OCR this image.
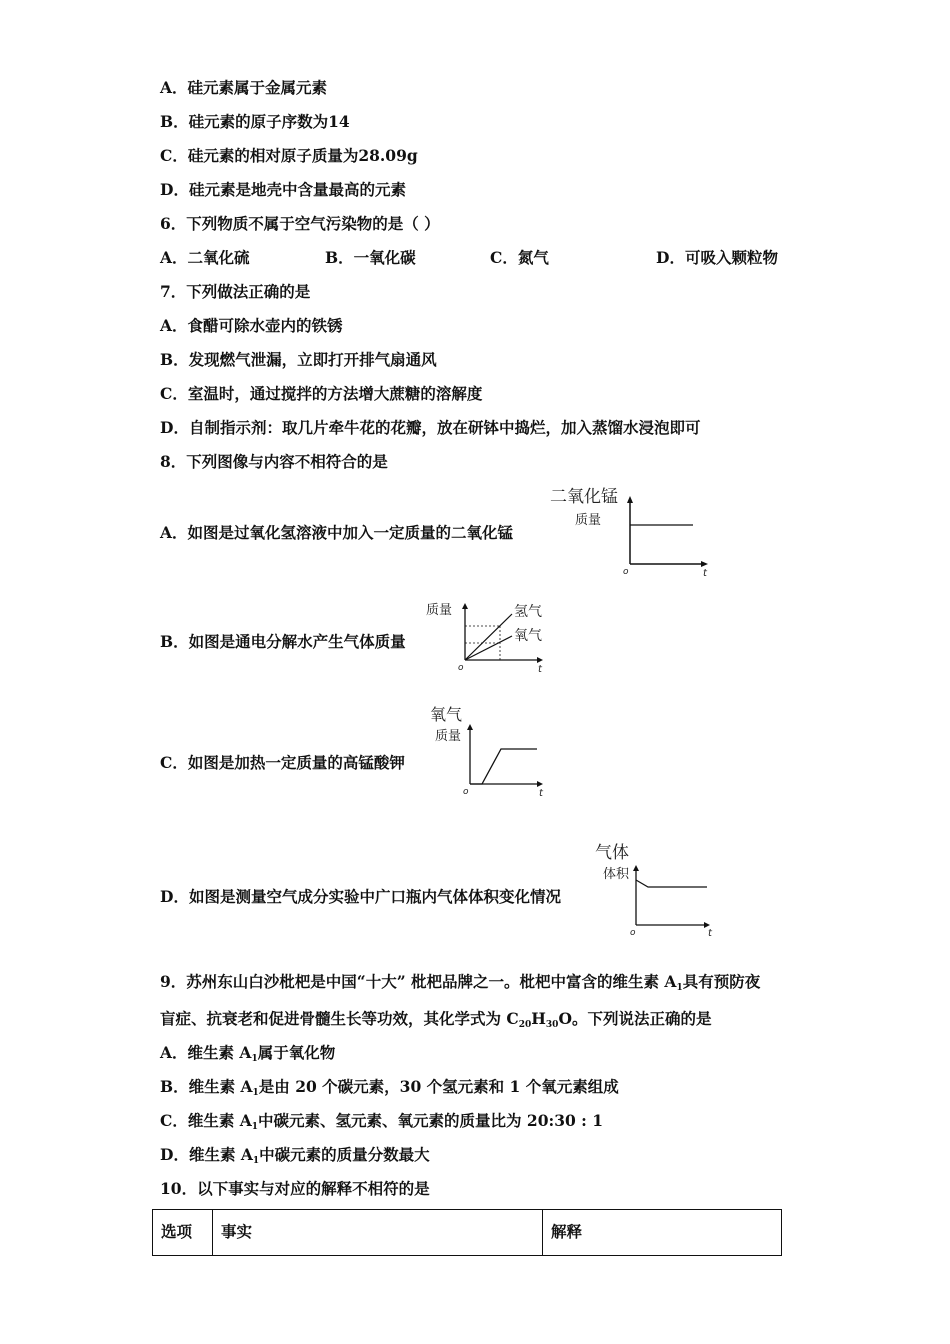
A．硅元素属于金属元素
B．硅元素的原子序数为14
C．硅元素的相对原子质量为28.09g
D．硅元素是地壳中含量最高的元素
6．下列物质不属于空气污染物的是（ ）
A．二氧化硫	B．一氧化碳	C．氮气	D．可吸入颗粒物
7．下列做法正确的是
A．食醋可除水壶内的铁锈
B．发现燃气泄漏，立即打开排气扇通风
C．室温时，通过搅拌的方法增大蔗糖的溶解度
D．自制指示剂：取几片牵牛花的花瓣，放在研钵中捣烂，加入蒸馏水浸泡即可
8．下列图像与内容不相符合的是
A．如图是过氧化氢溶液中加入一定质量的二氧化锰
B．如图是通电分解水产生气体质量
C．如图是加热一定质量的高锰酸钾
D．如图是测量空气成分实验中广口瓶内气体体积变化情况
二氧化锰
质量
o	t
质量	氢气
氧气
o	t
氧气
质量
o	t
气体
体积
o	t
9．苏州东山白沙枇杷是中国“十大” 枇杷品牌之一。枇杷中富含的维生素 $A_1$具有预防夜
盲症、抗衰老和促进骨髓生长等功效，其化学式为 $C_{20}H_{30}O$。下列说法正确的是
A．维生素 $A_1$属于氧化物
B．维生素 $A_1$是由 20 个碳元素，30 个氢元素和 1 个氧元素组成
C．维生素 $A_1$中碳元素、氢元素、氧元素的质量比为 20:30 : 1
D．维生素 $A_1$中碳元素的质量分数最大
10．以下事实与对应的解释不相符的是
选项	事实	解释
